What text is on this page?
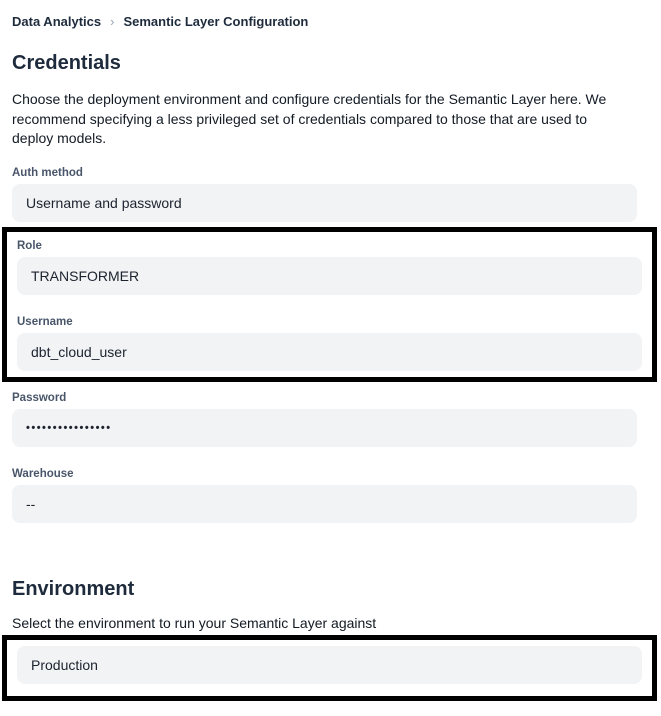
Data Analytics › Semantic Layer Configuration
Credentials

Choose the deployment environment and configure credentials for the Semantic Layer here. We recommend specifying a less privileged set of credentials compared to those that are used to deploy models.

Auth method
Username and password
Role
TRANSFORMER
Username
dbt_cloud_user
Password
••••••••••••••••
Warehouse
--
Environment

Select the environment to run your Semantic Layer against

Production
